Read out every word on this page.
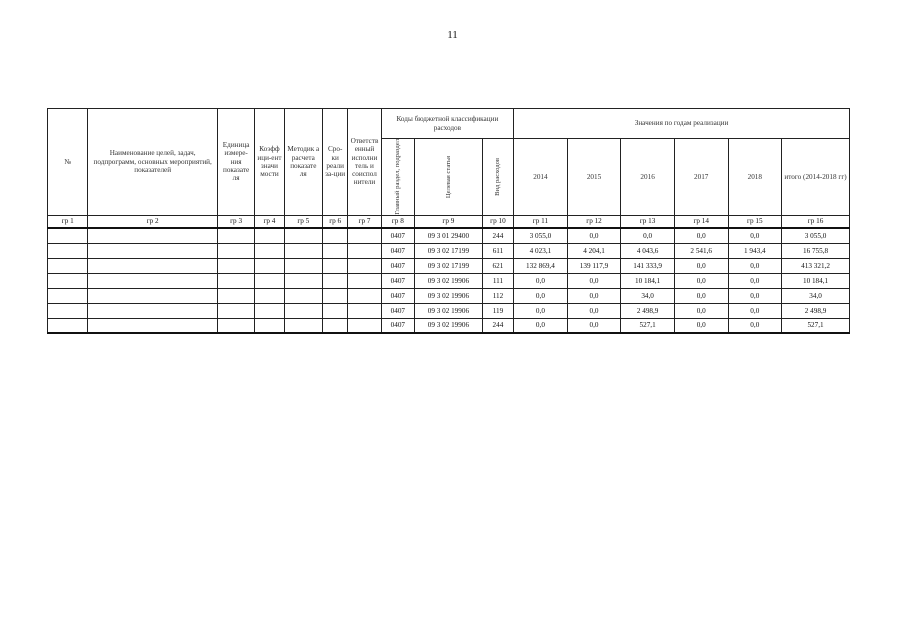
11
№	Наименование целей, задач, подпрограмм, основных мероприятий, показателей	Единица измере-ния показате ля	Коэфф ици-ент значи мости	Методик а расчета показате ля	Сро-ки реали за-ции	Ответств енный исполни тель и соиспол нители	Коды бюджетной классификации расходов			Значения по годам реализации					

							Главный раздел, подраздел	Целевая статья	Вид расходов	2014	2015	2016	2017	2018	итого (2014-2018 гг)
гр 1	гр 2	гр 3	гр 4	гр 5	гр 6	гр 7	гр 8	гр 9	гр 10	гр 11	гр 12	гр 13	гр 14	гр 15	гр 16
							0407	09 3 01 29400	244	3 055,0	0,0	0,0	0,0	0,0	3 055,0
							0407	09 3 02 17199	611	4 023,1	4 204,1	4 043,6	2 541,6	1 943,4	16 755,8
							0407	09 3 02 17199	621	132 869,4	139 117,9	141 333,9	0,0	0,0	413 321,2
							0407	09 3 02 19906	111	0,0	0,0	10 184,1	0,0	0,0	10 184,1
							0407	09 3 02 19906	112	0,0	0,0	34,0	0,0	0,0	34,0
							0407	09 3 02 19906	119	0,0	0,0	2 498,9	0,0	0,0	2 498,9
							0407	09 3 02 19906	244	0,0	0,0	527,1	0,0	0,0	527,1
